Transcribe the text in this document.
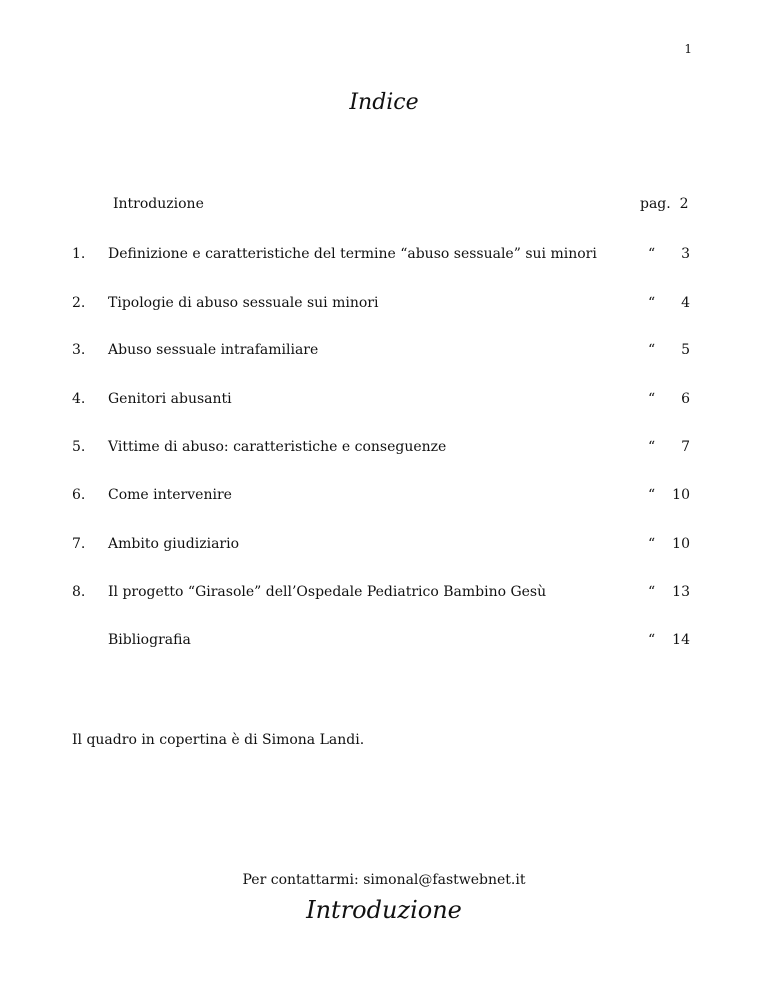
1
Indice
Introduzione	pag. 2
1. Definizione e caratteristiche del termine “abuso sessuale” sui minori	“ 3
2. Tipologie di abuso sessuale sui minori	“ 4
3. Abuso sessuale intrafamiliare	“ 5
4. Genitori abusanti	“ 6
5. Vittime di abuso: caratteristiche e conseguenze	“ 7
6. Come intervenire	“ 10
7. Ambito giudiziario	“ 10
8. Il progetto “Girasole” dell’Ospedale Pediatrico Bambino Gesù	“ 13
Bibliografia	“ 14
Il quadro in copertina è di Simona Landi.
Per contattarmi: simonal@fastwebnet.it
Introduzione
